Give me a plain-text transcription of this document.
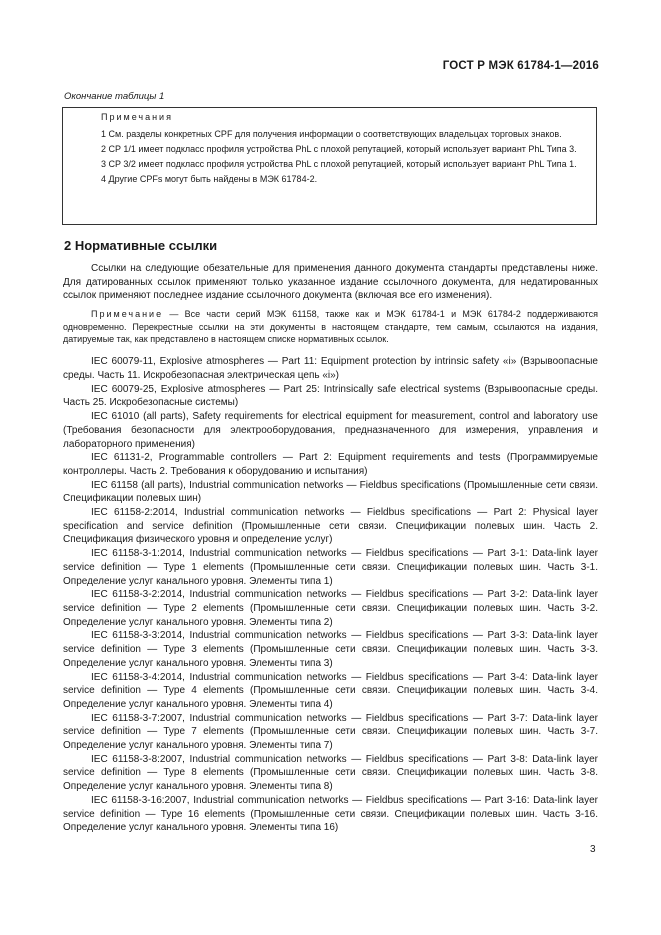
ГОСТ Р МЭК 61784-1—2016
Окончание таблицы 1
Примечания

1 См. разделы конкретных CPF для получения информации о соответствующих владельцах торговых знаков.

2 CP 1/1 имеет подкласс профиля устройства PhL с плохой репутацией, который использует вариант PhL Типа 3.

3 CP 3/2 имеет подкласс профиля устройства PhL с плохой репутацией, который использует вариант PhL Типа 1.

4 Другие CPFs могут быть найдены в МЭК 61784-2.

2 Нормативные ссылки

Ссылки на следующие обезательные для применения данного документа стандарты представлены ниже. Для датированных ссылок применяют только указанное издание ссылочного документа, для недатированных ссылок применяют последнее издание ссылочного документа (включая все его изменения).

Примечание — Все части серий МЭК 61158, также как и МЭК 61784-1 и МЭК 61784-2 поддерживаются одновременно. Перекрестные ссылки на эти документы в настоящем стандарте, тем самым, ссылаются на издания, датируемые так, как представлено в настоящем списке нормативных ссылок.

IEC 60079-11, Explosive atmospheres — Part 11: Equipment protection by intrinsic safety «i» (Взрывоопасные среды. Часть 11. Искробезопасная электрическая цепь «i»)

IEC 60079-25, Explosive atmospheres — Part 25: Intrinsically safe electrical systems (Взрывоопасные среды. Часть 25. Искробезопасные системы)

IEC 61010 (all parts), Safety requirements for electrical equipment for measurement, control and laboratory use (Требования безопасности для электрооборудования, предназначенного для измерения, управления и лабораторного применения)

IEC 61131-2, Programmable controllers — Part 2: Equipment requirements and tests (Программируемые контроллеры. Часть 2. Требования к оборудованию и испытания)

IEC 61158 (all parts), Industrial communication networks — Fieldbus specifications (Промышленные сети связи. Спецификации полевых шин)

IEC 61158-2:2014, Industrial communication networks — Fieldbus specifications — Part 2: Physical layer specification and service definition (Промышленные сети связи. Спецификации полевых шин. Часть 2. Спецификация физического уровня и определение услуг)

IEC 61158-3-1:2014, Industrial communication networks — Fieldbus specifications — Part 3-1: Data-link layer service definition — Type 1 elements (Промышленные сети связи. Спецификации полевых шин. Часть 3-1. Определение услуг канального уровня. Элементы типа 1)

IEC 61158-3-2:2014, Industrial communication networks — Fieldbus specifications — Part 3-2: Data-link layer service definition — Type 2 elements (Промышленные сети связи. Спецификации полевых шин. Часть 3-2. Определение услуг канального уровня. Элементы типа 2)

IEC 61158-3-3:2014, Industrial communication networks — Fieldbus specifications — Part 3-3: Data-link layer service definition — Type 3 elements (Промышленные сети связи. Спецификации полевых шин. Часть 3-3. Определение услуг канального уровня. Элементы типа 3)

IEC 61158-3-4:2014, Industrial communication networks — Fieldbus specifications — Part 3-4: Data-link layer service definition — Type 4 elements (Промышленные сети связи. Спецификации полевых шин. Часть 3-4. Определение услуг канального уровня. Элементы типа 4)

IEC 61158-3-7:2007, Industrial communication networks — Fieldbus specifications — Part 3-7: Data-link layer service definition — Type 7 elements (Промышленные сети связи. Спецификации полевых шин. Часть 3-7. Определение услуг канального уровня. Элементы типа 7)

IEC 61158-3-8:2007, Industrial communication networks — Fieldbus specifications — Part 3-8: Data-link layer service definition — Type 8 elements (Промышленные сети связи. Спецификации полевых шин. Часть 3-8. Определение услуг канального уровня. Элементы типа 8)

IEC 61158-3-16:2007, Industrial communication networks — Fieldbus specifications — Part 3-16: Data-link layer service definition — Type 16 elements (Промышленные сети связи. Спецификации полевых шин. Часть 3-16. Определение услуг канального уровня. Элементы типа 16)

3
